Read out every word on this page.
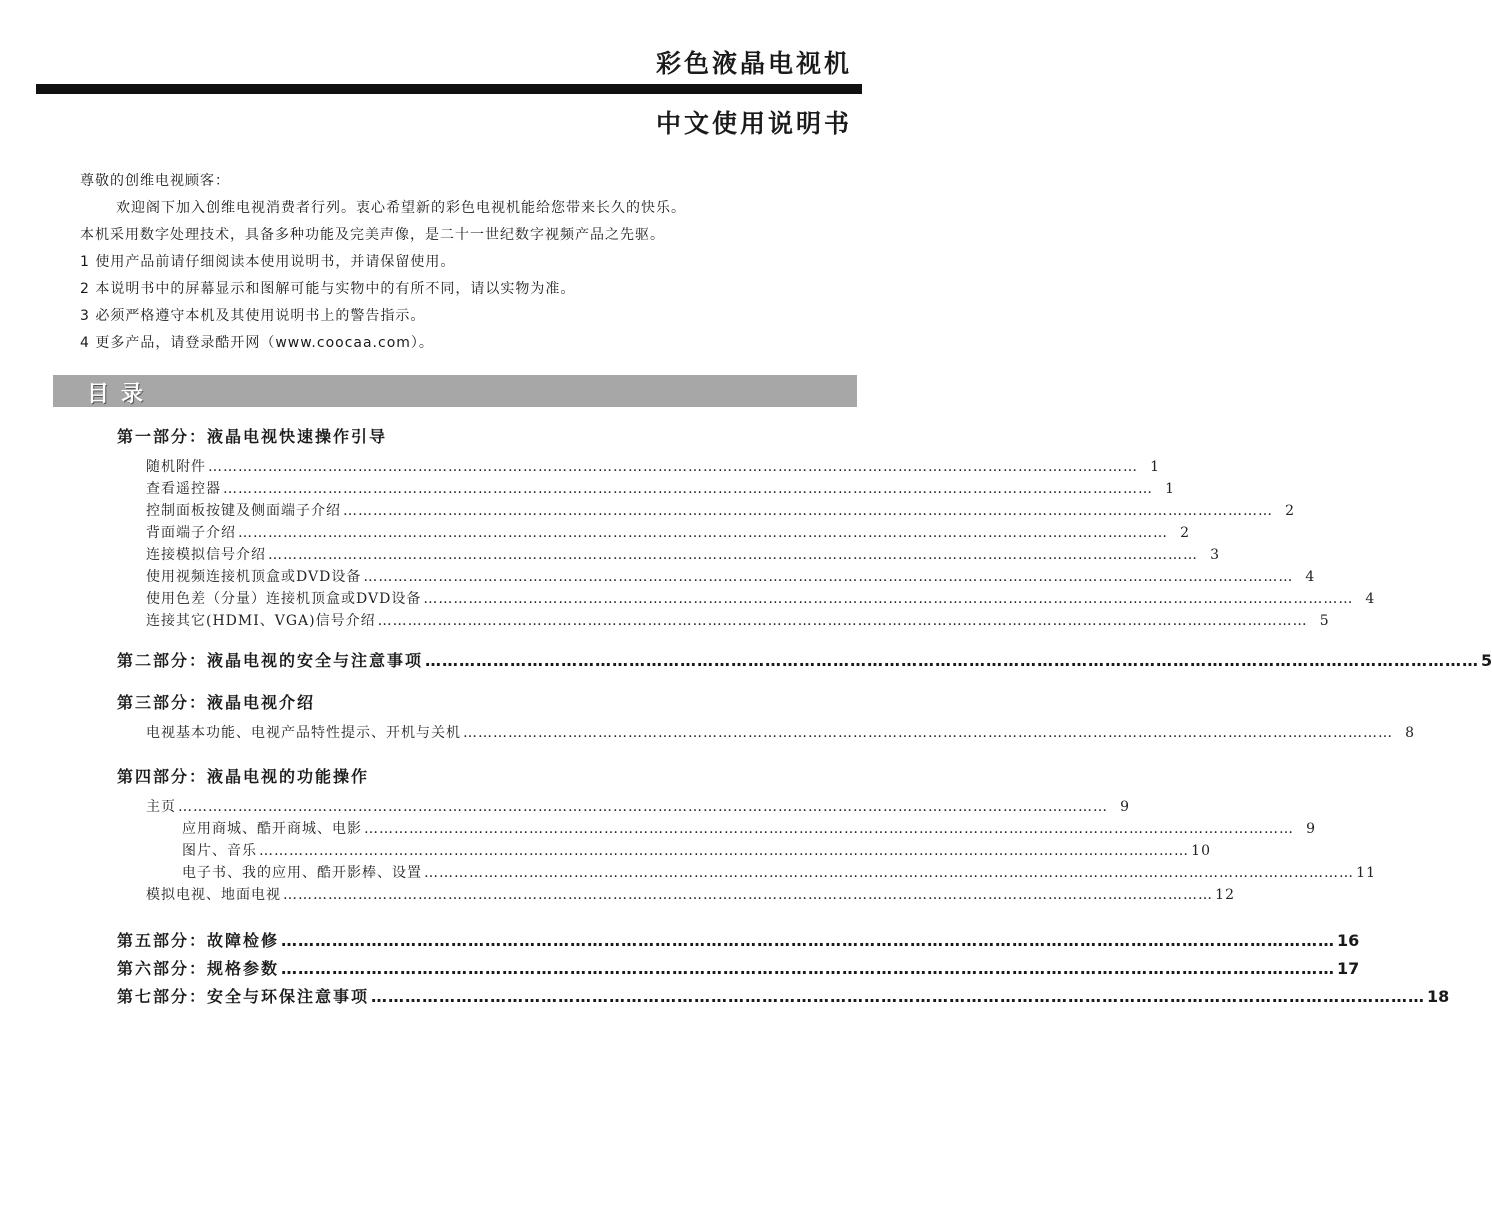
彩色液晶电视机
中文使用说明书

尊敬的创维电视顾客：

欢迎阁下加入创维电视消费者行列。衷心希望新的彩色电视机能给您带来长久的快乐。

本机采用数字处理技术，具备多种功能及完美声像，是二十一世纪数字视频产品之先驱。

1 使用产品前请仔细阅读本使用说明书，并请保留使用。

2 本说明书中的屏幕显示和图解可能与实物中的有所不同，请以实物为准。

3 必须严格遵守本机及其使用说明书上的警告指示。

4 更多产品，请登录酷开网（www.coocaa.com）。

目录
第一部分：液晶电视快速操作引导
随机附件 …………………………………………………………………………………………………………………………………………………………………… 1
查看遥控器 …………………………………………………………………………………………………………………………………………………………………… 1
控制面板按键及侧面端子介绍 …………………………………………………………………………………………………………………………………………………………………… 2
背面端子介绍 …………………………………………………………………………………………………………………………………………………………………… 2
连接模拟信号介绍 …………………………………………………………………………………………………………………………………………………………………… 3
使用视频连接机顶盒或DVD设备 …………………………………………………………………………………………………………………………………………………………………… 4
使用色差（分量）连接机顶盒或DVD设备 …………………………………………………………………………………………………………………………………………………………………… 4
连接其它(HDMI、VGA)信号介绍 …………………………………………………………………………………………………………………………………………………………………… 5
第二部分：液晶电视的安全与注意事项 …………………………………………………………………………………………………………………………………………………………………… 5
第三部分：液晶电视介绍
电视基本功能、电视产品特性提示、开机与关机 …………………………………………………………………………………………………………………………………………………………………… 8
第四部分：液晶电视的功能操作
主页 …………………………………………………………………………………………………………………………………………………………………… 9
应用商城、酷开商城、电影 …………………………………………………………………………………………………………………………………………………………………… 9
图片、音乐 …………………………………………………………………………………………………………………………………………………………………… 10
电子书、我的应用、酷开影棒、设置 …………………………………………………………………………………………………………………………………………………………………… 11
模拟电视、地面电视 …………………………………………………………………………………………………………………………………………………………………… 12
第五部分：故障检修 …………………………………………………………………………………………………………………………………………………………………… 16
第六部分：规格参数 …………………………………………………………………………………………………………………………………………………………………… 17
第七部分：安全与环保注意事项 …………………………………………………………………………………………………………………………………………………………………… 18
